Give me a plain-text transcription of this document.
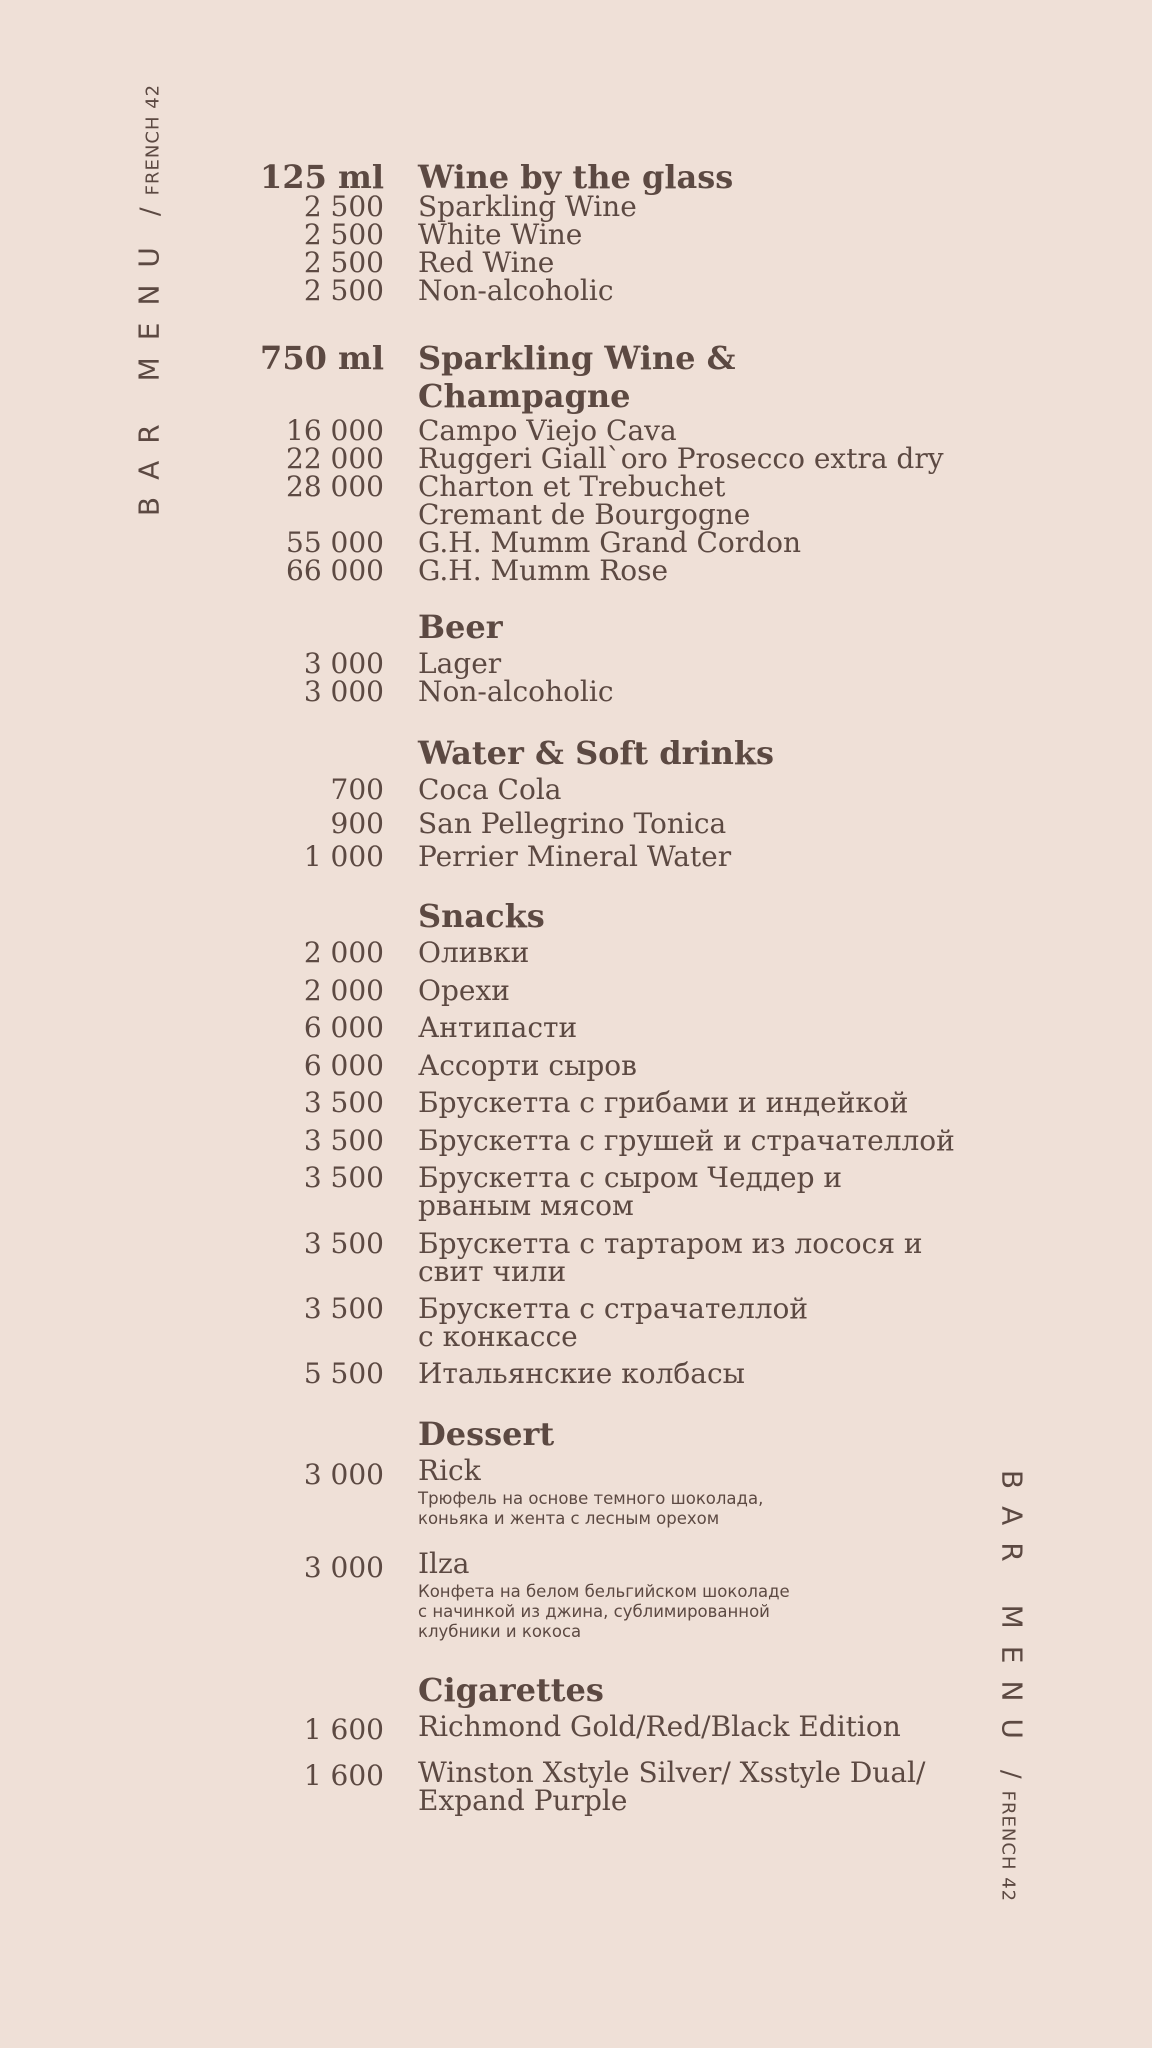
BAR MENU
/
FRENCH 42
BAR MENU
/
FRENCH 42
125 ml Wine by the glass
2 500 Sparkling Wine
2 500 White Wine
2 500 Red Wine
2 500 Non-alcoholic
750 ml Sparkling Wine &
Champagne
16 000 Campo Viejo Cava
22 000 Ruggeri Giall`oro Prosecco extra dry
28 000 Charton et Trebuchet
Cremant de Bourgogne
55 000 G.H. Mumm Grand Cordon
66 000 G.H. Mumm Rose
Beer
3 000 Lager
3 000 Non-alcoholic
Water & Soft drinks
700 Coca Cola
900 San Pellegrino Tonica
1 000 Perrier Mineral Water
Snacks
2 000 Оливки
2 000 Орехи
6 000 Антипасти
6 000 Ассорти сыров
3 500 Брускетта с грибами и индейкой
3 500 Брускетта с грушей и страчателлой
3 500 Брускетта с сыром Чеддер и
рваным мясом
3 500 Брускетта с тартаром из лосося и
свит чили
3 500 Брускетта с страчателлой
с конкассе
5 500 Итальянские колбасы
Dessert
3 000 Rick
Трюфель на основе темного шоколада,
коньяка и жента с лесным орехом
3 000 Ilza
Конфета на белом бельгийском шоколаде
с начинкой из джина, сублимированной
клубники и кокоса
Cigarettes
1 600 Richmond Gold/Red/Black Edition
1 600 Winston Xstyle Silver/ Xsstyle Dual/
Expand Purple
